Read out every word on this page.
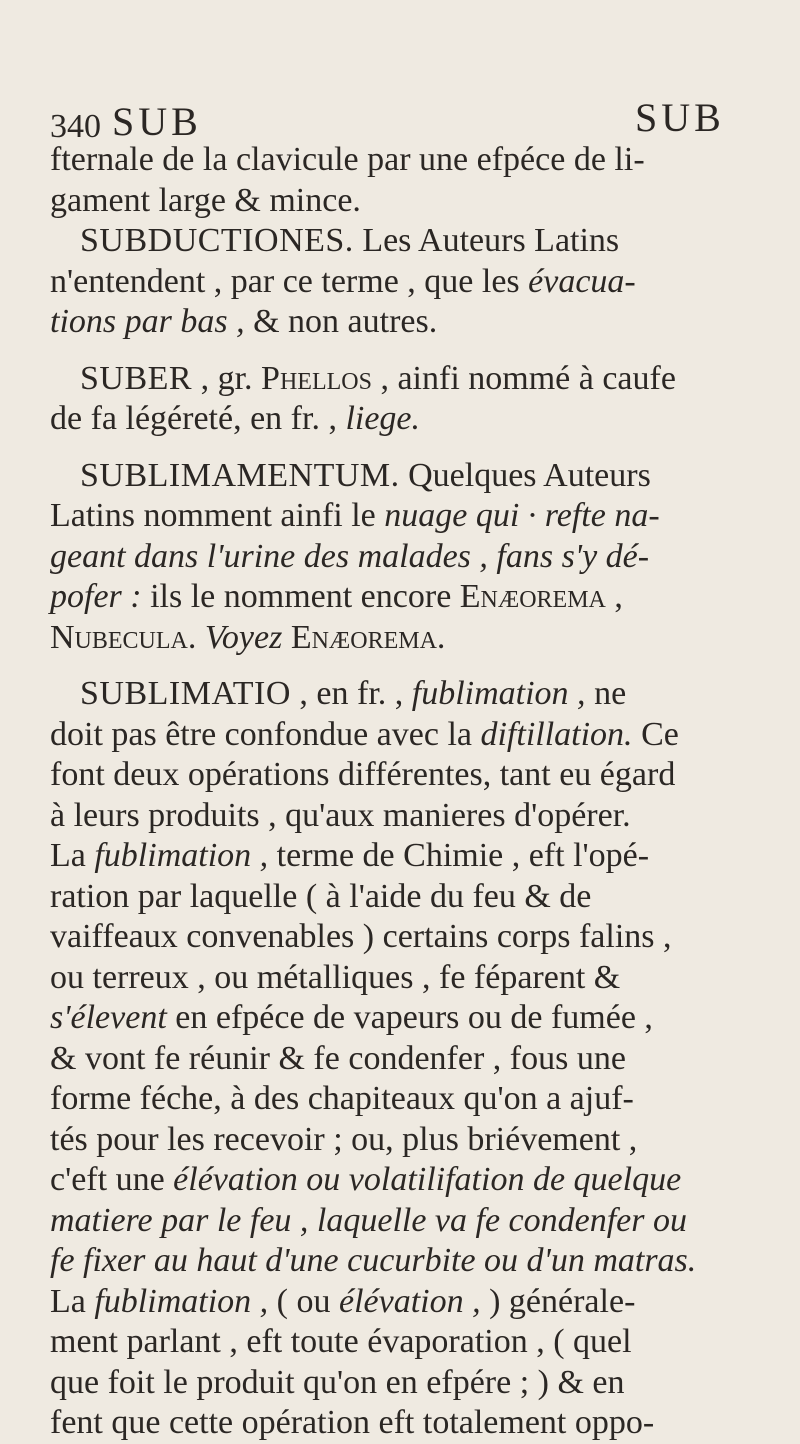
340 SUB	SUB
fternale de la clavicule par une efpéce de li-
gament large & mince.
SUBDUCTIONES. Les Auteurs Latins
n'entendent , par ce terme , que les évacua-
tions par bas , & non autres.
SUBER , gr. Phellos , ainfi nommé à caufe
de fa légéreté, en fr. , liege.
SUBLIMAMENTUM. Quelques Auteurs
Latins nomment ainfi le nuage qui · refte na-
geant dans l'urine des malades , fans s'y dé-
pofer : ils le nomment encore Enæorema ,
Nubecula. Voyez Enæorema.
SUBLIMATIO , en fr. , fublimation , ne
doit pas être confondue avec la diftillation. Ce
font deux opérations différentes, tant eu égard
à leurs produits , qu'aux manieres d'opérer.
La fublimation , terme de Chimie , eft l'opé-
ration par laquelle ( à l'aide du feu & de
vaiffeaux convenables ) certains corps falins ,
ou terreux , ou métalliques , fe féparent &
s'élevent en efpéce de vapeurs ou de fumée ,
& vont fe réunir & fe condenfer , fous une
forme féche, à des chapiteaux qu'on a ajuf-
tés pour les recevoir ; ou, plus briévement ,
c'eft une élévation ou volatilifation de quelque
matiere par le feu , laquelle va fe condenfer ou
fe fixer au haut d'une cucurbite ou d'un matras.
La fublimation , ( ou élévation , ) générale-
ment parlant , eft toute évaporation , ( quel
que foit le produit qu'on en efpére ; ) & en
fent que cette opération eft totalement oppo-
